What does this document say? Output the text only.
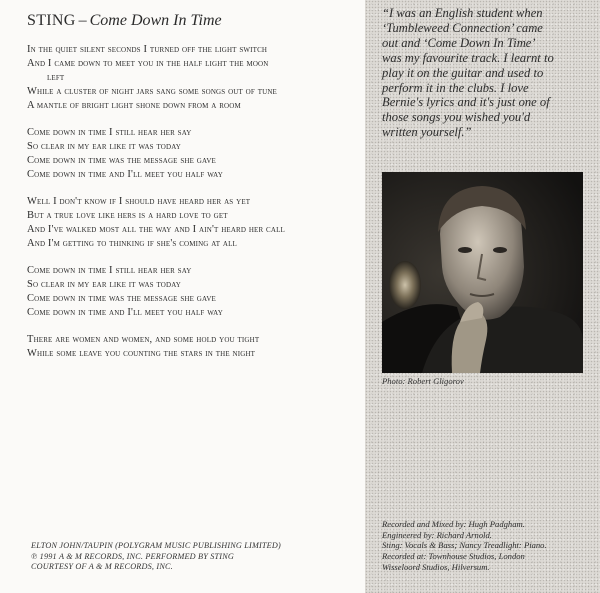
STING – Come Down In Time
In the quiet silent seconds I turned off the light switch
And I came down to meet you in the half light the moon
left
While a cluster of night jars sang some songs out of tune
A mantle of bright light shone down from a room
Come down in time I still hear her say
So clear in my ear like it was today
Come down in time was the message she gave
Come down in time and I'll meet you half way
Well I don't know if I should have heard her as yet
But a true love like hers is a hard love to get
And I've walked most all the way and I ain't heard her call
And I'm getting to thinking if she's coming at all
Come down in time I still hear her say
So clear in my ear like it was today
Come down in time was the message she gave
Come down in time and I'll meet you half way
There are women and women, and some hold you tight
While some leave you counting the stars in the night
ELTON JOHN/TAUPIN (POLYGRAM MUSIC PUBLISHING LIMITED)
℗ 1991 A & M RECORDS, INC. PERFORMED BY STING
COURTESY OF A & M RECORDS, INC.
“I was an English student when
‘Tumbleweed Connection’ came
out and ‘Come Down In Time’
was my favourite track. I learnt to
play it on the guitar and used to
perform it in the clubs. I love
Bernie's lyrics and it's just one of
those songs you wished you'd
written yourself.”
Photo: Robert Gligorov
Recorded and Mixed by: Hugh Padgham.
Engineered by: Richard Arnold.
Sting: Vocals & Bass; Nancy Treadlight: Piano.
Recorded at: Townhouse Studios, London
Wisseloord Studios, Hilversum.
